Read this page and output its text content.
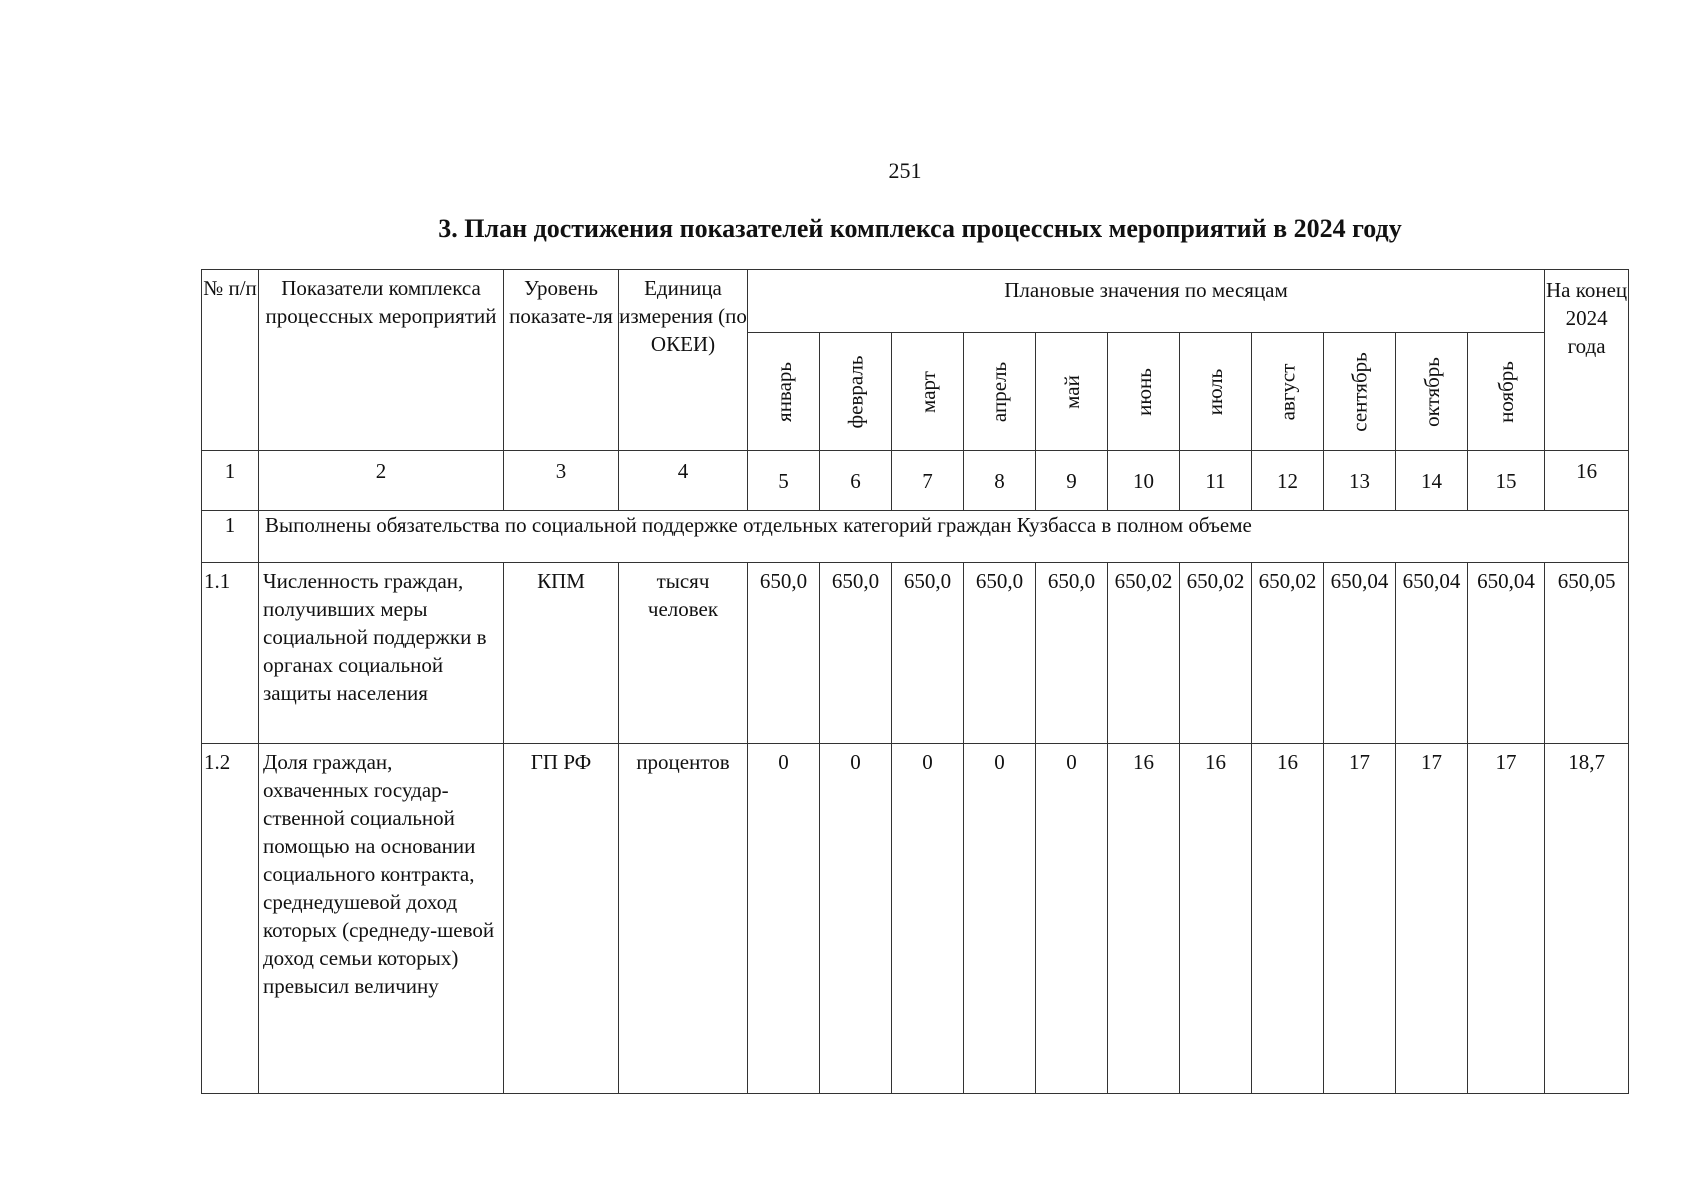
251
3. План достижения показателей комплекса процессных мероприятий в 2024 году
№ п/п	Показатели комплекса процессных мероприятий	Уровень показате-ля	Единица измерения (по ОКЕИ)	Плановые значения по месяцам											На конец 2024 года

				январь	февраль	март	апрель	май	июнь	июль	август	сентябрь	октябрь	ноябрь	

1	2	3	4	5	6	7	8	9	10	11	12	13	14	15	16
1	Выполнены обязательства по социальной поддержке отдельных категорий граждан Кузбасса в полном объеме														
1.1	Численность граждан, получивших меры социальной поддержки в органах социальной защиты населения	КПМ	тысяч человек	650,0	650,0	650,0	650,0	650,0	650,02	650,02	650,02	650,04	650,04	650,04	650,05
1.2	Доля граждан, охваченных государ-ственной социальной помощью на основании социального контракта, среднедушевой доход которых (среднеду-шевой доход семьи которых) превысил величину	ГП РФ	процентов	0	0	0	0	0	16	16	16	17	17	17	18,7
